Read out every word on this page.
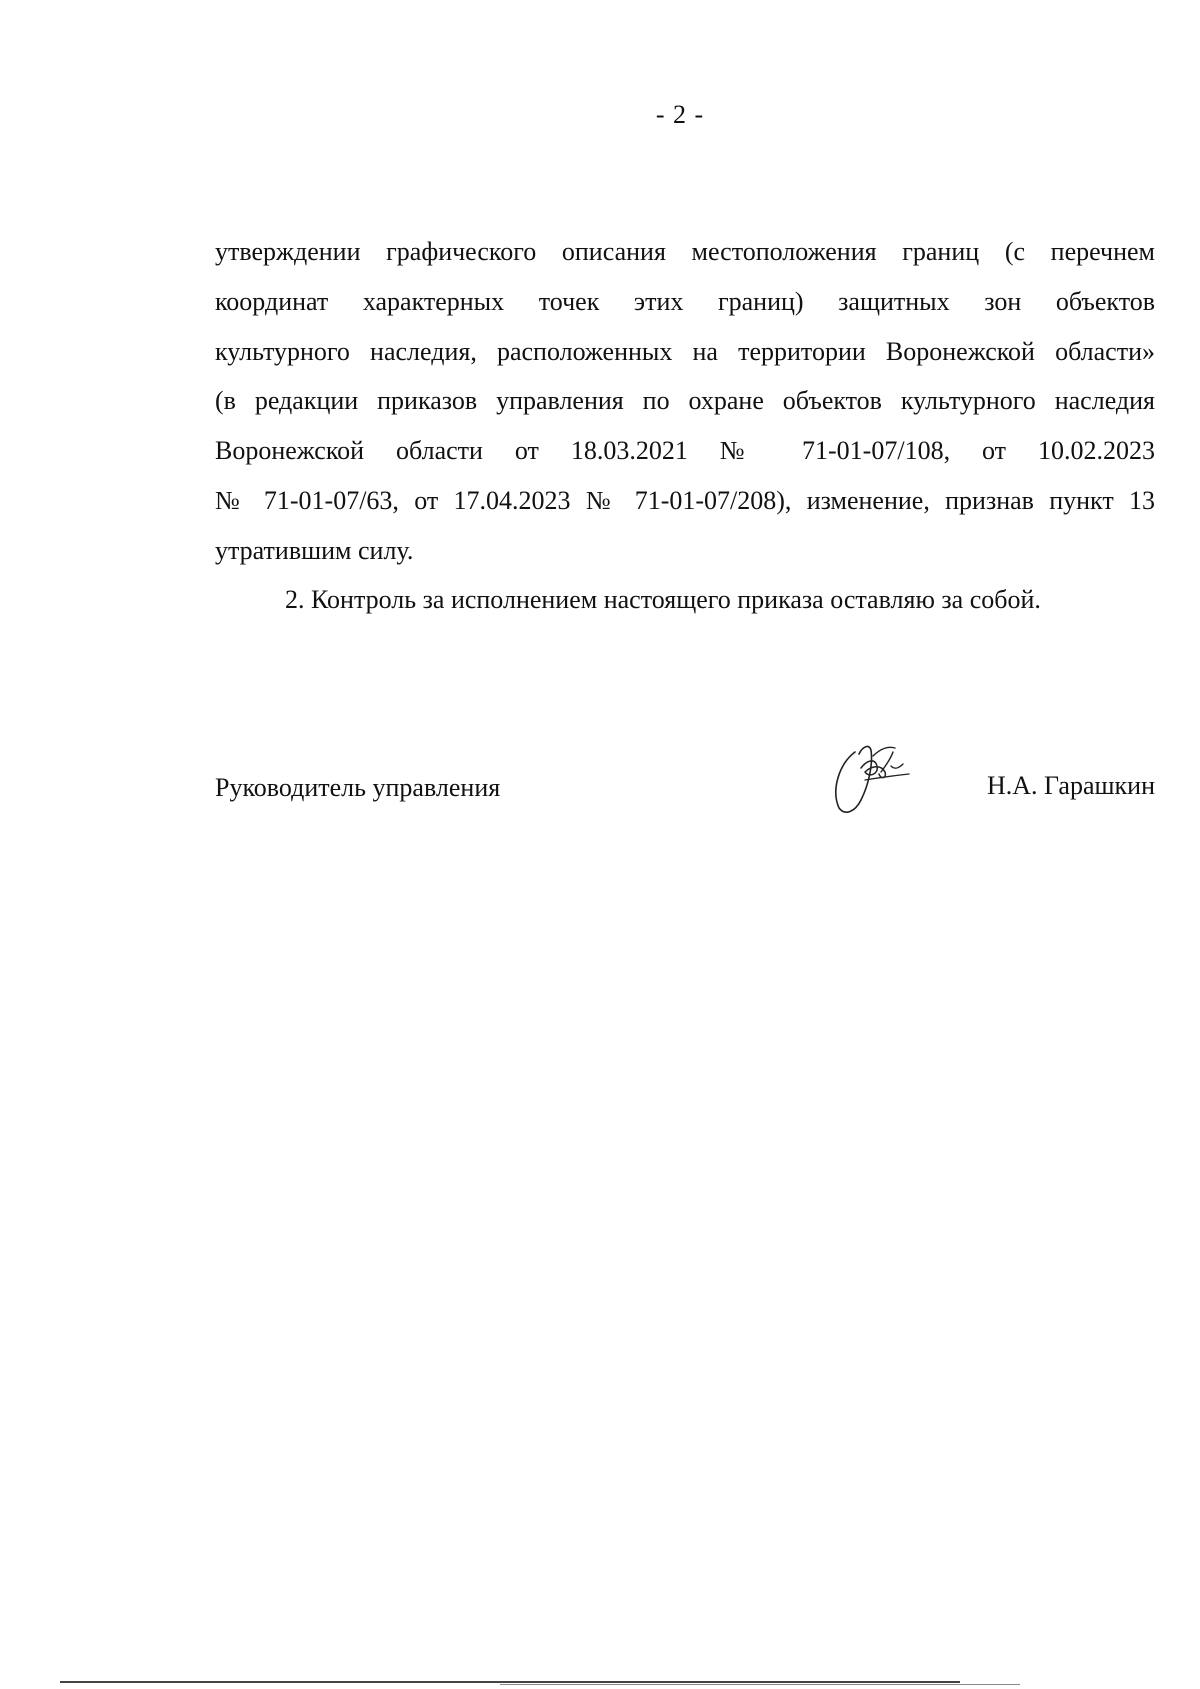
- 2 -
утверждении графического описания местоположения границ (с перечнем
координат характерных точек этих границ) защитных зон объектов
культурного наследия, расположенных на территории Воронежской области»
(в редакции приказов управления по охране объектов культурного наследия
Воронежской области от 18.03.2021 № 71-01-07/108, от 10.02.2023
№ 71-01-07/63, от 17.04.2023 № 71-01-07/208), изменение, признав пункт 13
утратившим силу.
2. Контроль за исполнением настоящего приказа оставляю за собой.
Руководитель управления	Н.А. Гарашкин
